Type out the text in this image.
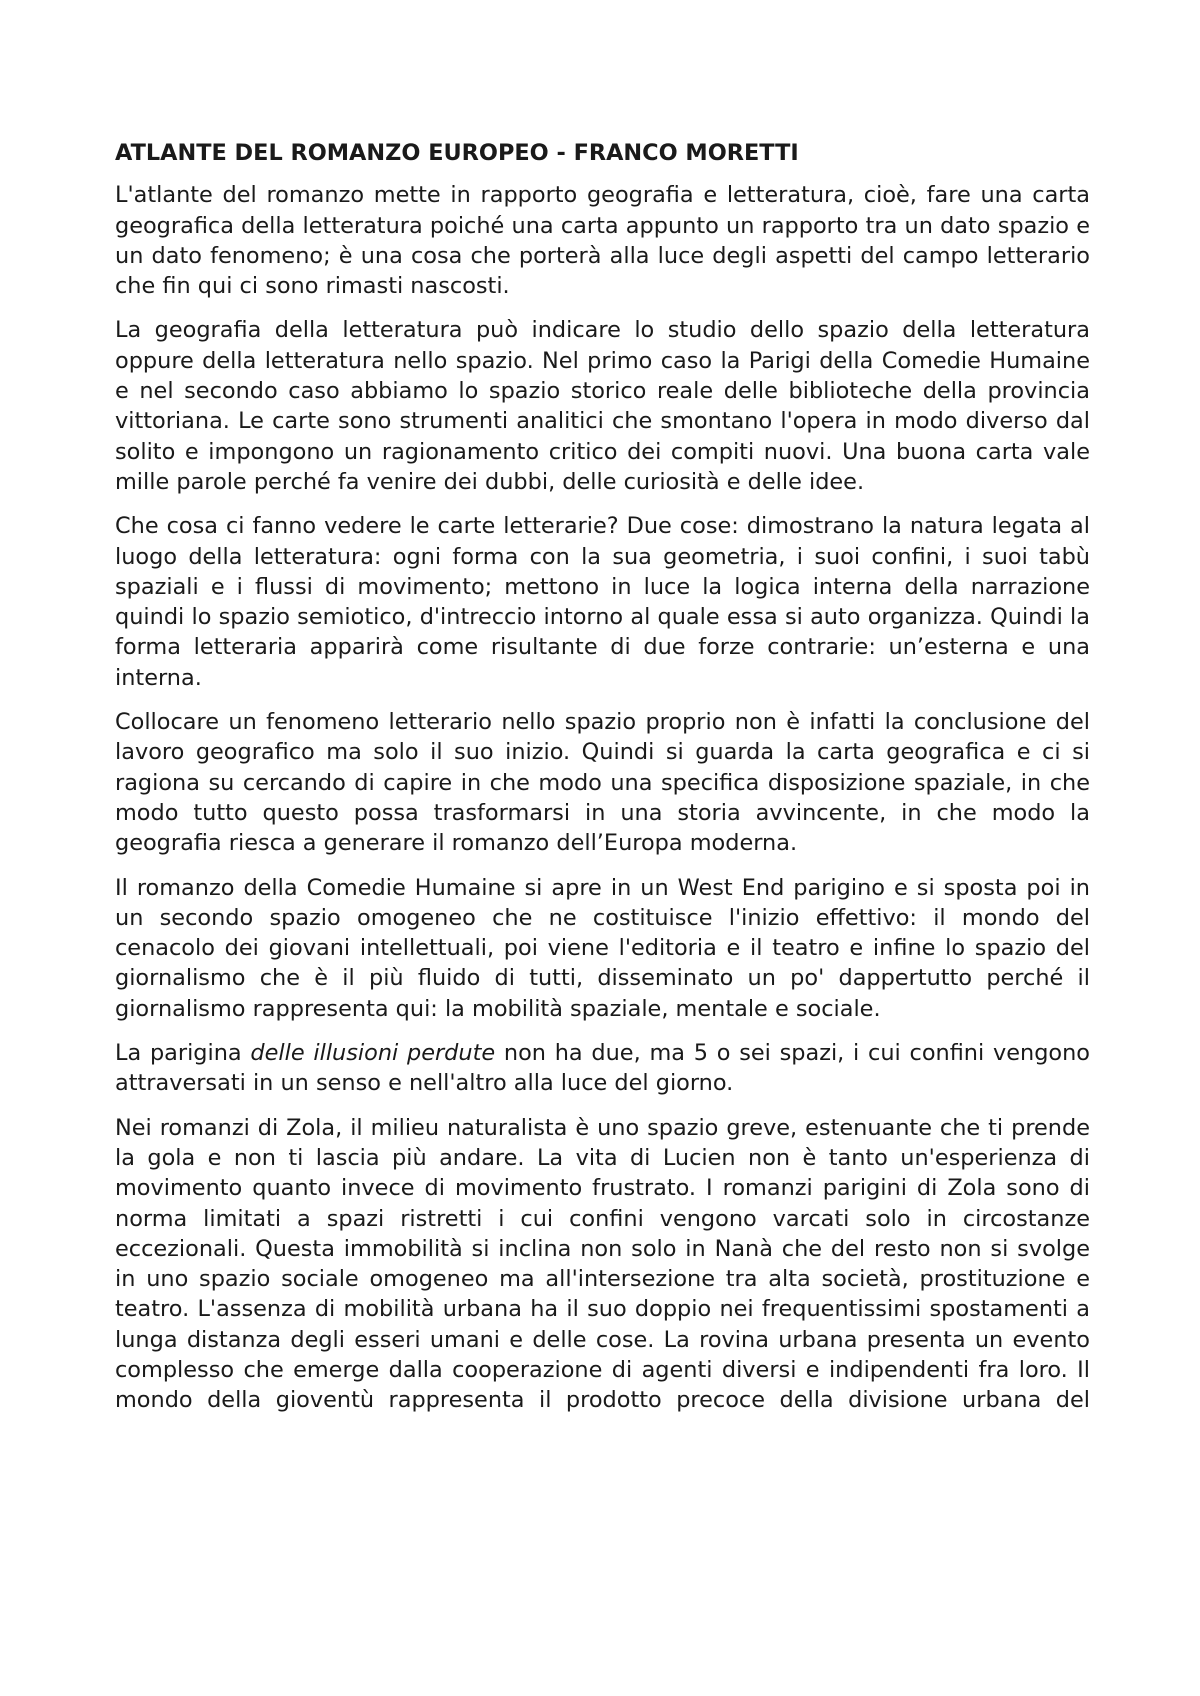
ATLANTE DEL ROMANZO EUROPEO - FRANCO MORETTI

L'atlante del romanzo mette in rapporto geografia e letteratura, cioè, fare una carta geografica della letteratura poiché una carta appunto un rapporto tra un dato spazio e un dato fenomeno; è una cosa che porterà alla luce degli aspetti del campo letterario che fin qui ci sono rimasti nascosti.

La geografia della letteratura può indicare lo studio dello spazio della letteratura oppure della letteratura nello spazio. Nel primo caso la Parigi della Comedie Humaine e nel secondo caso abbiamo lo spazio storico reale delle biblioteche della provincia vittoriana. Le carte sono strumenti analitici che smontano l'opera in modo diverso dal solito e impongono un ragionamento critico dei compiti nuovi. Una buona carta vale mille parole perché fa venire dei dubbi, delle curiosità e delle idee.

Che cosa ci fanno vedere le carte letterarie? Due cose: dimostrano la natura legata al luogo della letteratura: ogni forma con la sua geometria, i suoi confini, i suoi tabù spaziali e i flussi di movimento; mettono in luce la logica interna della narrazione quindi lo spazio semiotico, d'intreccio intorno al quale essa si auto organizza. Quindi la forma letteraria apparirà come risultante di due forze contrarie: un’esterna e una interna.

Collocare un fenomeno letterario nello spazio proprio non è infatti la conclusione del lavoro geografico ma solo il suo inizio. Quindi si guarda la carta geografica e ci si ragiona su cercando di capire in che modo una specifica disposizione spaziale, in che modo tutto questo possa trasformarsi in una storia avvincente, in che modo la geografia riesca a generare il romanzo dell’Europa moderna.

Il romanzo della Comedie Humaine si apre in un West End parigino e si sposta poi in un secondo spazio omogeneo che ne costituisce l'inizio effettivo: il mondo del cenacolo dei giovani intellettuali, poi viene l'editoria e il teatro e infine lo spazio del giornalismo che è il più fluido di tutti, disseminato un po' dappertutto perché il giornalismo rappresenta qui: la mobilità spaziale, mentale e sociale.

La parigina delle illusioni perdute non ha due, ma 5 o sei spazi, i cui confini vengono attraversati in un senso e nell'altro alla luce del giorno.

Nei romanzi di Zola, il milieu naturalista è uno spazio greve, estenuante che ti prende la gola e non ti lascia più andare. La vita di Lucien non è tanto un'esperienza di movimento quanto invece di movimento frustrato. I romanzi parigini di Zola sono di norma limitati a spazi ristretti i cui confini vengono varcati solo in circostanze eccezionali. Questa immobilità si inclina non solo in Nanà che del resto non si svolge in uno spazio sociale omogeneo ma all'intersezione tra alta società, prostituzione e teatro. L'assenza di mobilità urbana ha il suo doppio nei frequentissimi spostamenti a lunga distanza degli esseri umani e delle cose. La rovina urbana presenta un evento complesso che emerge dalla cooperazione di agenti diversi e indipendenti fra loro. Il mondo della gioventù rappresenta il prodotto precoce della divisione urbana del
